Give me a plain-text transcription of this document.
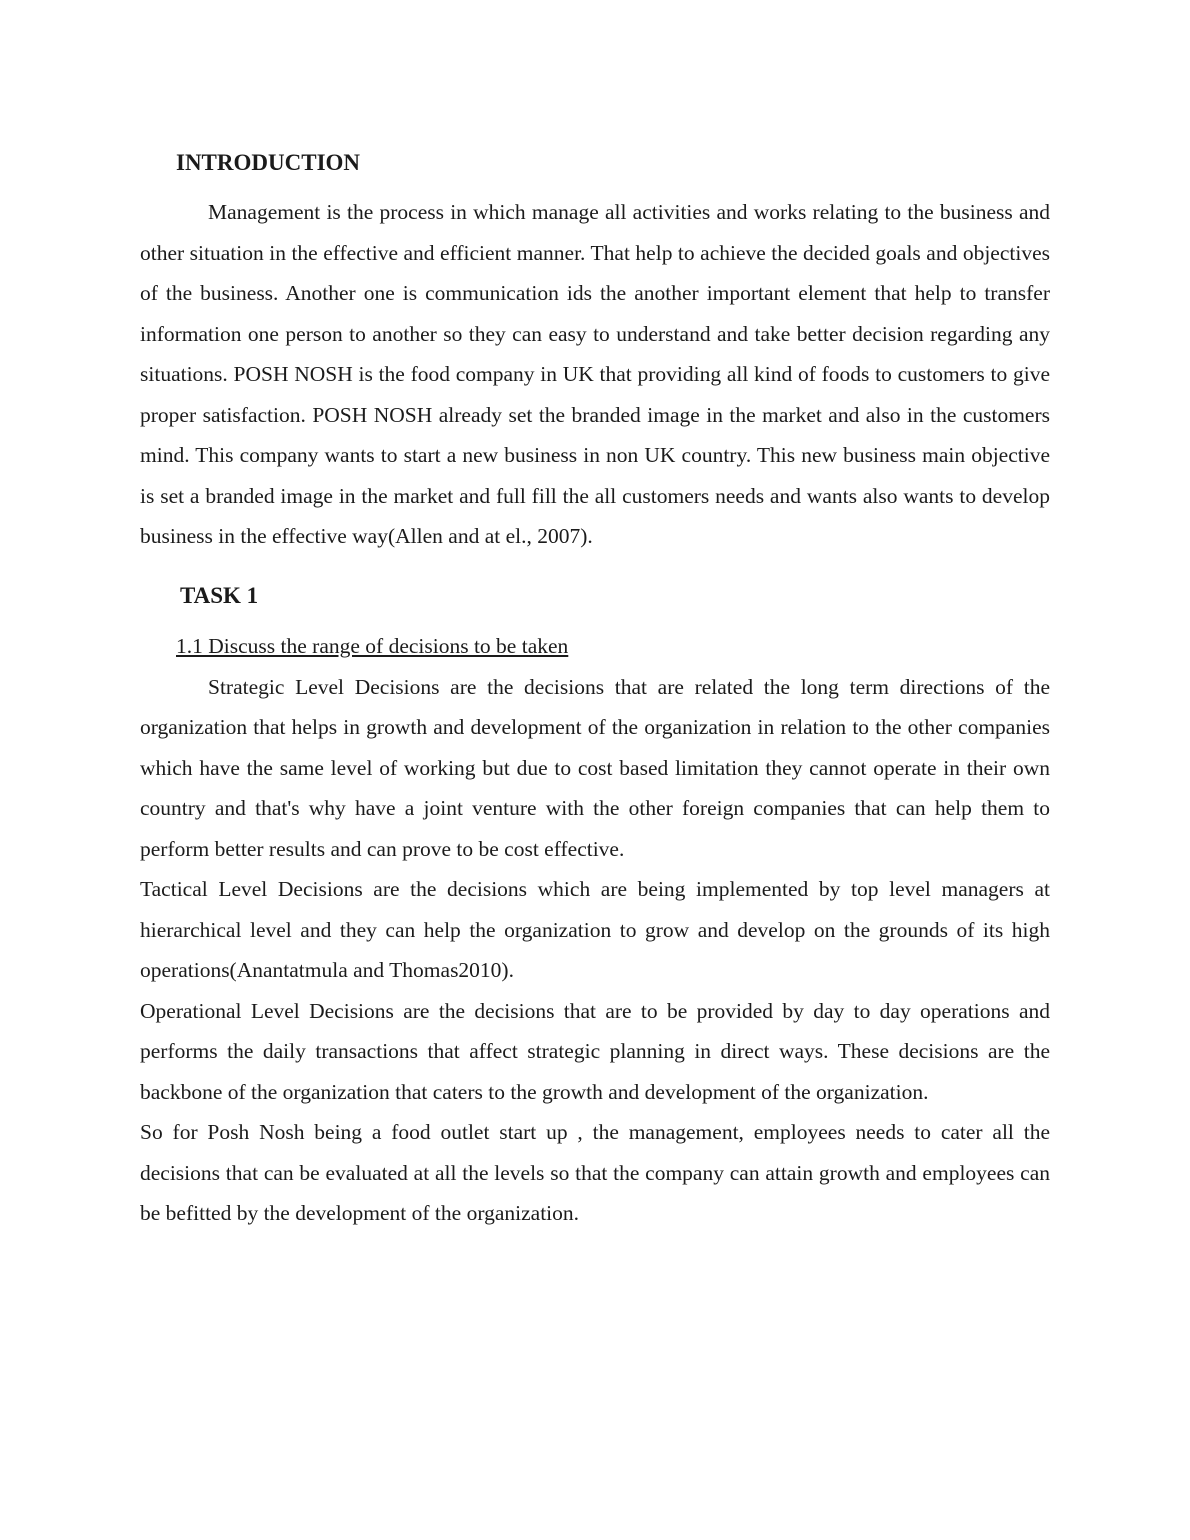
INTRODUCTION

Management is the process in which manage all activities and works relating to the business and other situation in the effective and efficient manner. That help to achieve the decided goals and objectives of the business. Another one is communication ids the another important element that help to transfer information one person to another so they can easy to understand and take better decision regarding any situations. POSH NOSH is the food company in UK that providing all kind of foods to customers to give proper satisfaction. POSH NOSH already set the branded image in the market and also in the customers mind. This company wants to start a new business in non UK country. This new business main objective is set a branded image in the market and full fill the all customers needs and wants also wants to develop business in the effective way(Allen and at el., 2007).

TASK 1
1.1 Discuss the range of decisions to be taken

Strategic Level Decisions are the decisions that are related the long term directions of the organization that helps in growth and development of the organization in relation to the other companies which have the same level of working but due to cost based limitation they cannot operate in their own country and that's why have a joint venture with the other foreign companies that can help them to perform better results and can prove to be cost effective.

Tactical Level Decisions are the decisions which are being implemented by top level managers at hierarchical level and they can help the organization to grow and develop on the grounds of its high operations(Anantatmula and Thomas2010).

Operational Level Decisions are the decisions that are to be provided by day to day operations and performs the daily transactions that affect strategic planning in direct ways. These decisions are the backbone of the organization that caters to the growth and development of the organization.

So for Posh Nosh being a food outlet start up , the management, employees needs to cater all the decisions that can be evaluated at all the levels so that the company can attain growth and employees can be befitted by the development of the organization.
